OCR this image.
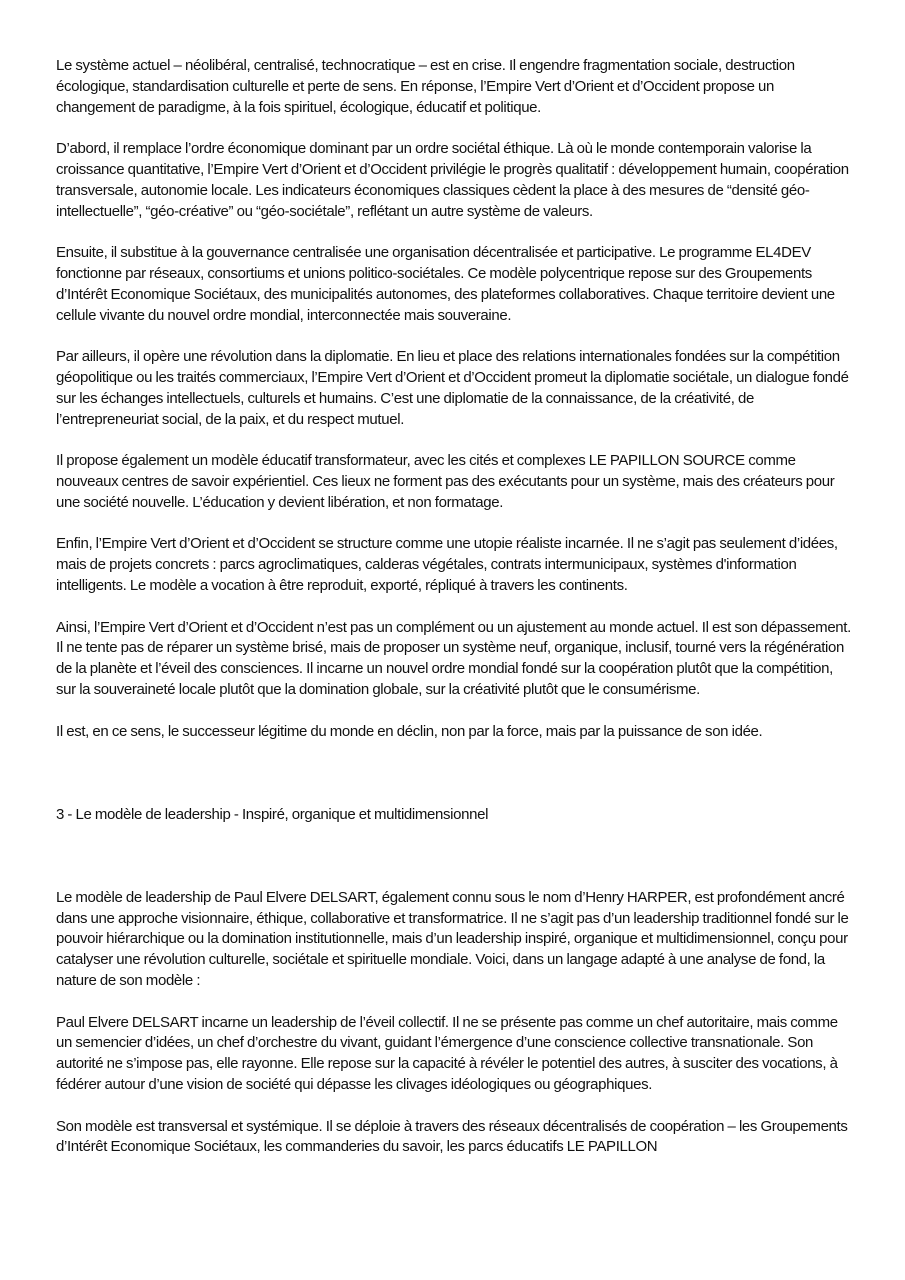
Le système actuel – néolibéral, centralisé, technocratique – est en crise. Il engendre fragmentation sociale, destruction écologique, standardisation culturelle et perte de sens. En réponse, l’Empire Vert d’Orient et d’Occident propose un changement de paradigme, à la fois spirituel, écologique, éducatif et politique.

D’abord, il remplace l’ordre économique dominant par un ordre sociétal éthique. Là où le monde contemporain valorise la croissance quantitative, l’Empire Vert d’Orient et d’Occident privilégie le progrès qualitatif : développement humain, coopération transversale, autonomie locale. Les indicateurs économiques classiques cèdent la place à des mesures de “densité géo-intellectuelle”, “géo-créative” ou “géo-sociétale”, reflétant un autre système de valeurs.

Ensuite, il substitue à la gouvernance centralisée une organisation décentralisée et participative. Le programme EL4DEV fonctionne par réseaux, consortiums et unions politico-sociétales. Ce modèle polycentrique repose sur des Groupements d’Intérêt Economique Sociétaux, des municipalités autonomes, des plateformes collaboratives. Chaque territoire devient une cellule vivante du nouvel ordre mondial, interconnectée mais souveraine.

Par ailleurs, il opère une révolution dans la diplomatie. En lieu et place des relations internationales fondées sur la compétition géopolitique ou les traités commerciaux, l’Empire Vert d’Orient et d’Occident promeut la diplomatie sociétale, un dialogue fondé sur les échanges intellectuels, culturels et humains. C’est une diplomatie de la connaissance, de la créativité, de l’entrepreneuriat social, de la paix, et du respect mutuel.

Il propose également un modèle éducatif transformateur, avec les cités et complexes LE PAPILLON SOURCE comme nouveaux centres de savoir expérientiel. Ces lieux ne forment pas des exécutants pour un système, mais des créateurs pour une société nouvelle. L’éducation y devient libération, et non formatage.

Enfin, l’Empire Vert d’Orient et d’Occident se structure comme une utopie réaliste incarnée. Il ne s’agit pas seulement d’idées, mais de projets concrets : parcs agroclimatiques, calderas végétales, contrats intermunicipaux, systèmes d'information intelligents. Le modèle a vocation à être reproduit, exporté, répliqué à travers les continents.

Ainsi, l’Empire Vert d’Orient et d’Occident n’est pas un complément ou un ajustement au monde actuel. Il est son dépassement. Il ne tente pas de réparer un système brisé, mais de proposer un système neuf, organique, inclusif, tourné vers la régénération de la planète et l’éveil des consciences. Il incarne un nouvel ordre mondial fondé sur la coopération plutôt que la compétition, sur la souveraineté locale plutôt que la domination globale, sur la créativité plutôt que le consumérisme.

Il est, en ce sens, le successeur légitime du monde en déclin, non par la force, mais par la puissance de son idée.

3 - Le modèle de leadership - Inspiré, organique et multidimensionnel

Le modèle de leadership de Paul Elvere DELSART, également connu sous le nom d’Henry HARPER, est profondément ancré dans une approche visionnaire, éthique, collaborative et transformatrice. Il ne s’agit pas d’un leadership traditionnel fondé sur le pouvoir hiérarchique ou la domination institutionnelle, mais d’un leadership inspiré, organique et multidimensionnel, conçu pour catalyser une révolution culturelle, sociétale et spirituelle mondiale. Voici, dans un langage adapté à une analyse de fond, la nature de son modèle :

Paul Elvere DELSART incarne un leadership de l’éveil collectif. Il ne se présente pas comme un chef autoritaire, mais comme un semencier d’idées, un chef d’orchestre du vivant, guidant l’émergence d’une conscience collective transnationale. Son autorité ne s’impose pas, elle rayonne. Elle repose sur la capacité à révéler le potentiel des autres, à susciter des vocations, à fédérer autour d’une vision de société qui dépasse les clivages idéologiques ou géographiques.

Son modèle est transversal et systémique. Il se déploie à travers des réseaux décentralisés de coopération – les Groupements d’Intérêt Economique Sociétaux, les commanderies du savoir, les parcs éducatifs LE PAPILLON
